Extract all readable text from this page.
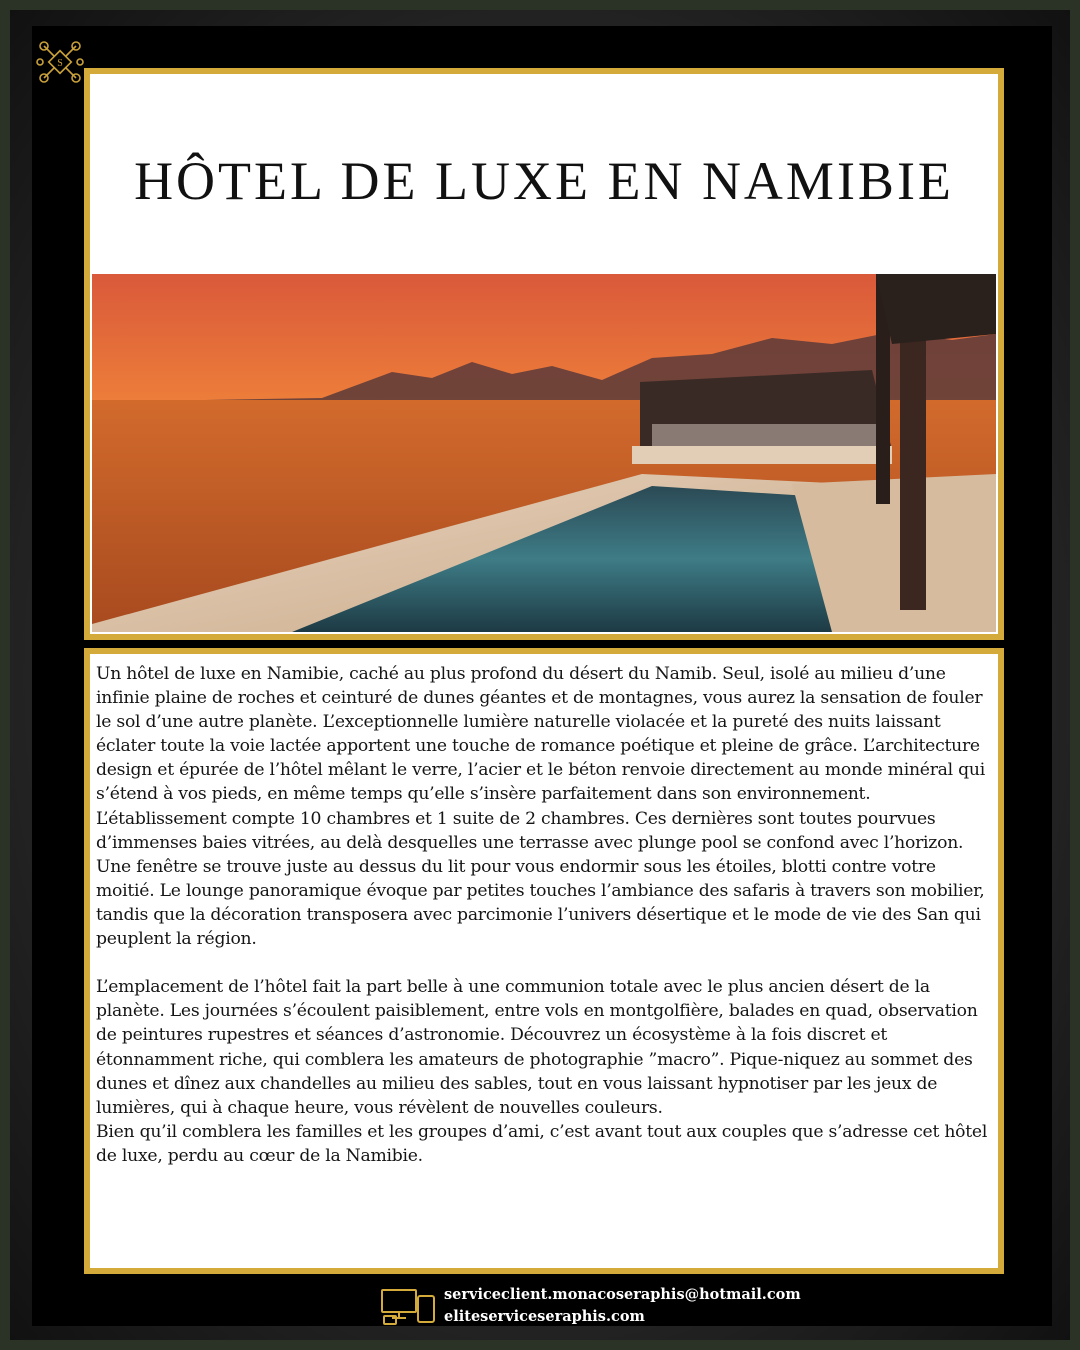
S
HÔTEL DE LUXE EN NAMIBIE

Un hôtel de luxe en Namibie, caché au plus profond du désert du Namib. Seul, isolé au milieu d’une infinie plaine de roches et ceinturé de dunes géantes et de montagnes, vous aurez la sensation de fouler le sol d’une autre planète. L’exceptionnelle lumière naturelle violacée et la pureté des nuits laissant éclater toute la voie lactée apportent une touche de romance poétique et pleine de grâce. L’architecture design et épurée de l’hôtel mêlant le verre, l’acier et le béton renvoie directement au monde minéral qui s’étend à vos pieds, en même temps qu’elle s’insère parfaitement dans son environnement.
L’établissement compte 10 chambres et 1 suite de 2 chambres. Ces dernières sont toutes pourvues d’immenses baies vitrées, au delà desquelles une terrasse avec plunge pool se confond avec l’horizon. Une fenêtre se trouve juste au dessus du lit pour vous endormir sous les étoiles, blotti contre votre moitié. Le lounge panoramique évoque par petites touches l’ambiance des safaris à travers son mobilier, tandis que la décoration transposera avec parcimonie l’univers désertique et le mode de vie des San qui peuplent la région.

L’emplacement de l’hôtel fait la part belle à une communion totale avec le plus ancien désert de la planète. Les journées s’écoulent paisiblement, entre vols en montgolfière, balades en quad, observation de peintures rupestres et séances d’astronomie. Découvrez un écosystème à la fois discret et étonnamment riche, qui comblera les amateurs de photographie ”macro”. Pique-niquez au sommet des dunes et dînez aux chandelles au milieu des sables, tout en vous laissant hypnotiser par les jeux de lumières, qui à chaque heure, vous révèlent de nouvelles couleurs.
Bien qu’il comblera les familles et les groupes d’ami, c’est avant tout aux couples que s’adresse cet hôtel de luxe, perdu au cœur de la Namibie.

serviceclient.monacoseraphis@hotmail.com
eliteserviceseraphis.com
